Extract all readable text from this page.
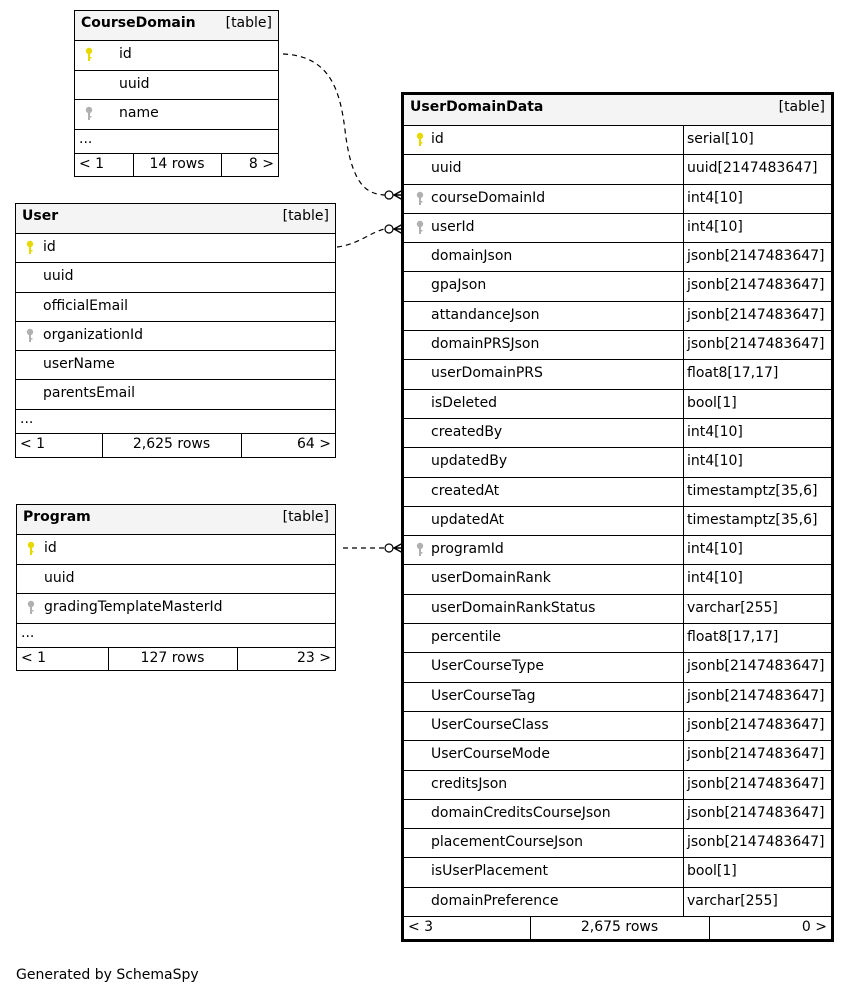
CourseDomain [table]
id
uuid
name
...
< 1	14 rows	8 >
User	[table]
id
uuid
officialEmail
organizationId
userName
parentsEmail
...
< 1	2,625 rows	64 >
Program	[table]
id
uuid
gradingTemplateMasterId
...
< 1	127 rows	23 >
UserDomainData	[table]
id	serial[10]
uuid	uuid[2147483647]
courseDomainId	int4[10]
userId	int4[10]
domainJson	jsonb[2147483647]
gpaJson	jsonb[2147483647]
attandanceJson	jsonb[2147483647]
domainPRSJson	jsonb[2147483647]
userDomainPRS	float8[17,17]
isDeleted	bool[1]
createdBy	int4[10]
updatedBy	int4[10]
createdAt	timestamptz[35,6]
updatedAt	timestamptz[35,6]
programId	int4[10]
userDomainRank	int4[10]
userDomainRankStatus	varchar[255]
percentile	float8[17,17]
UserCourseType	jsonb[2147483647]
UserCourseTag	jsonb[2147483647]
UserCourseClass	jsonb[2147483647]
UserCourseMode	jsonb[2147483647]
creditsJson	jsonb[2147483647]
domainCreditsCourseJson	jsonb[2147483647]
placementCourseJson	jsonb[2147483647]
isUserPlacement	bool[1]
domainPreference	varchar[255]
< 3	2,675 rows	0 >
Generated by SchemaSpy
